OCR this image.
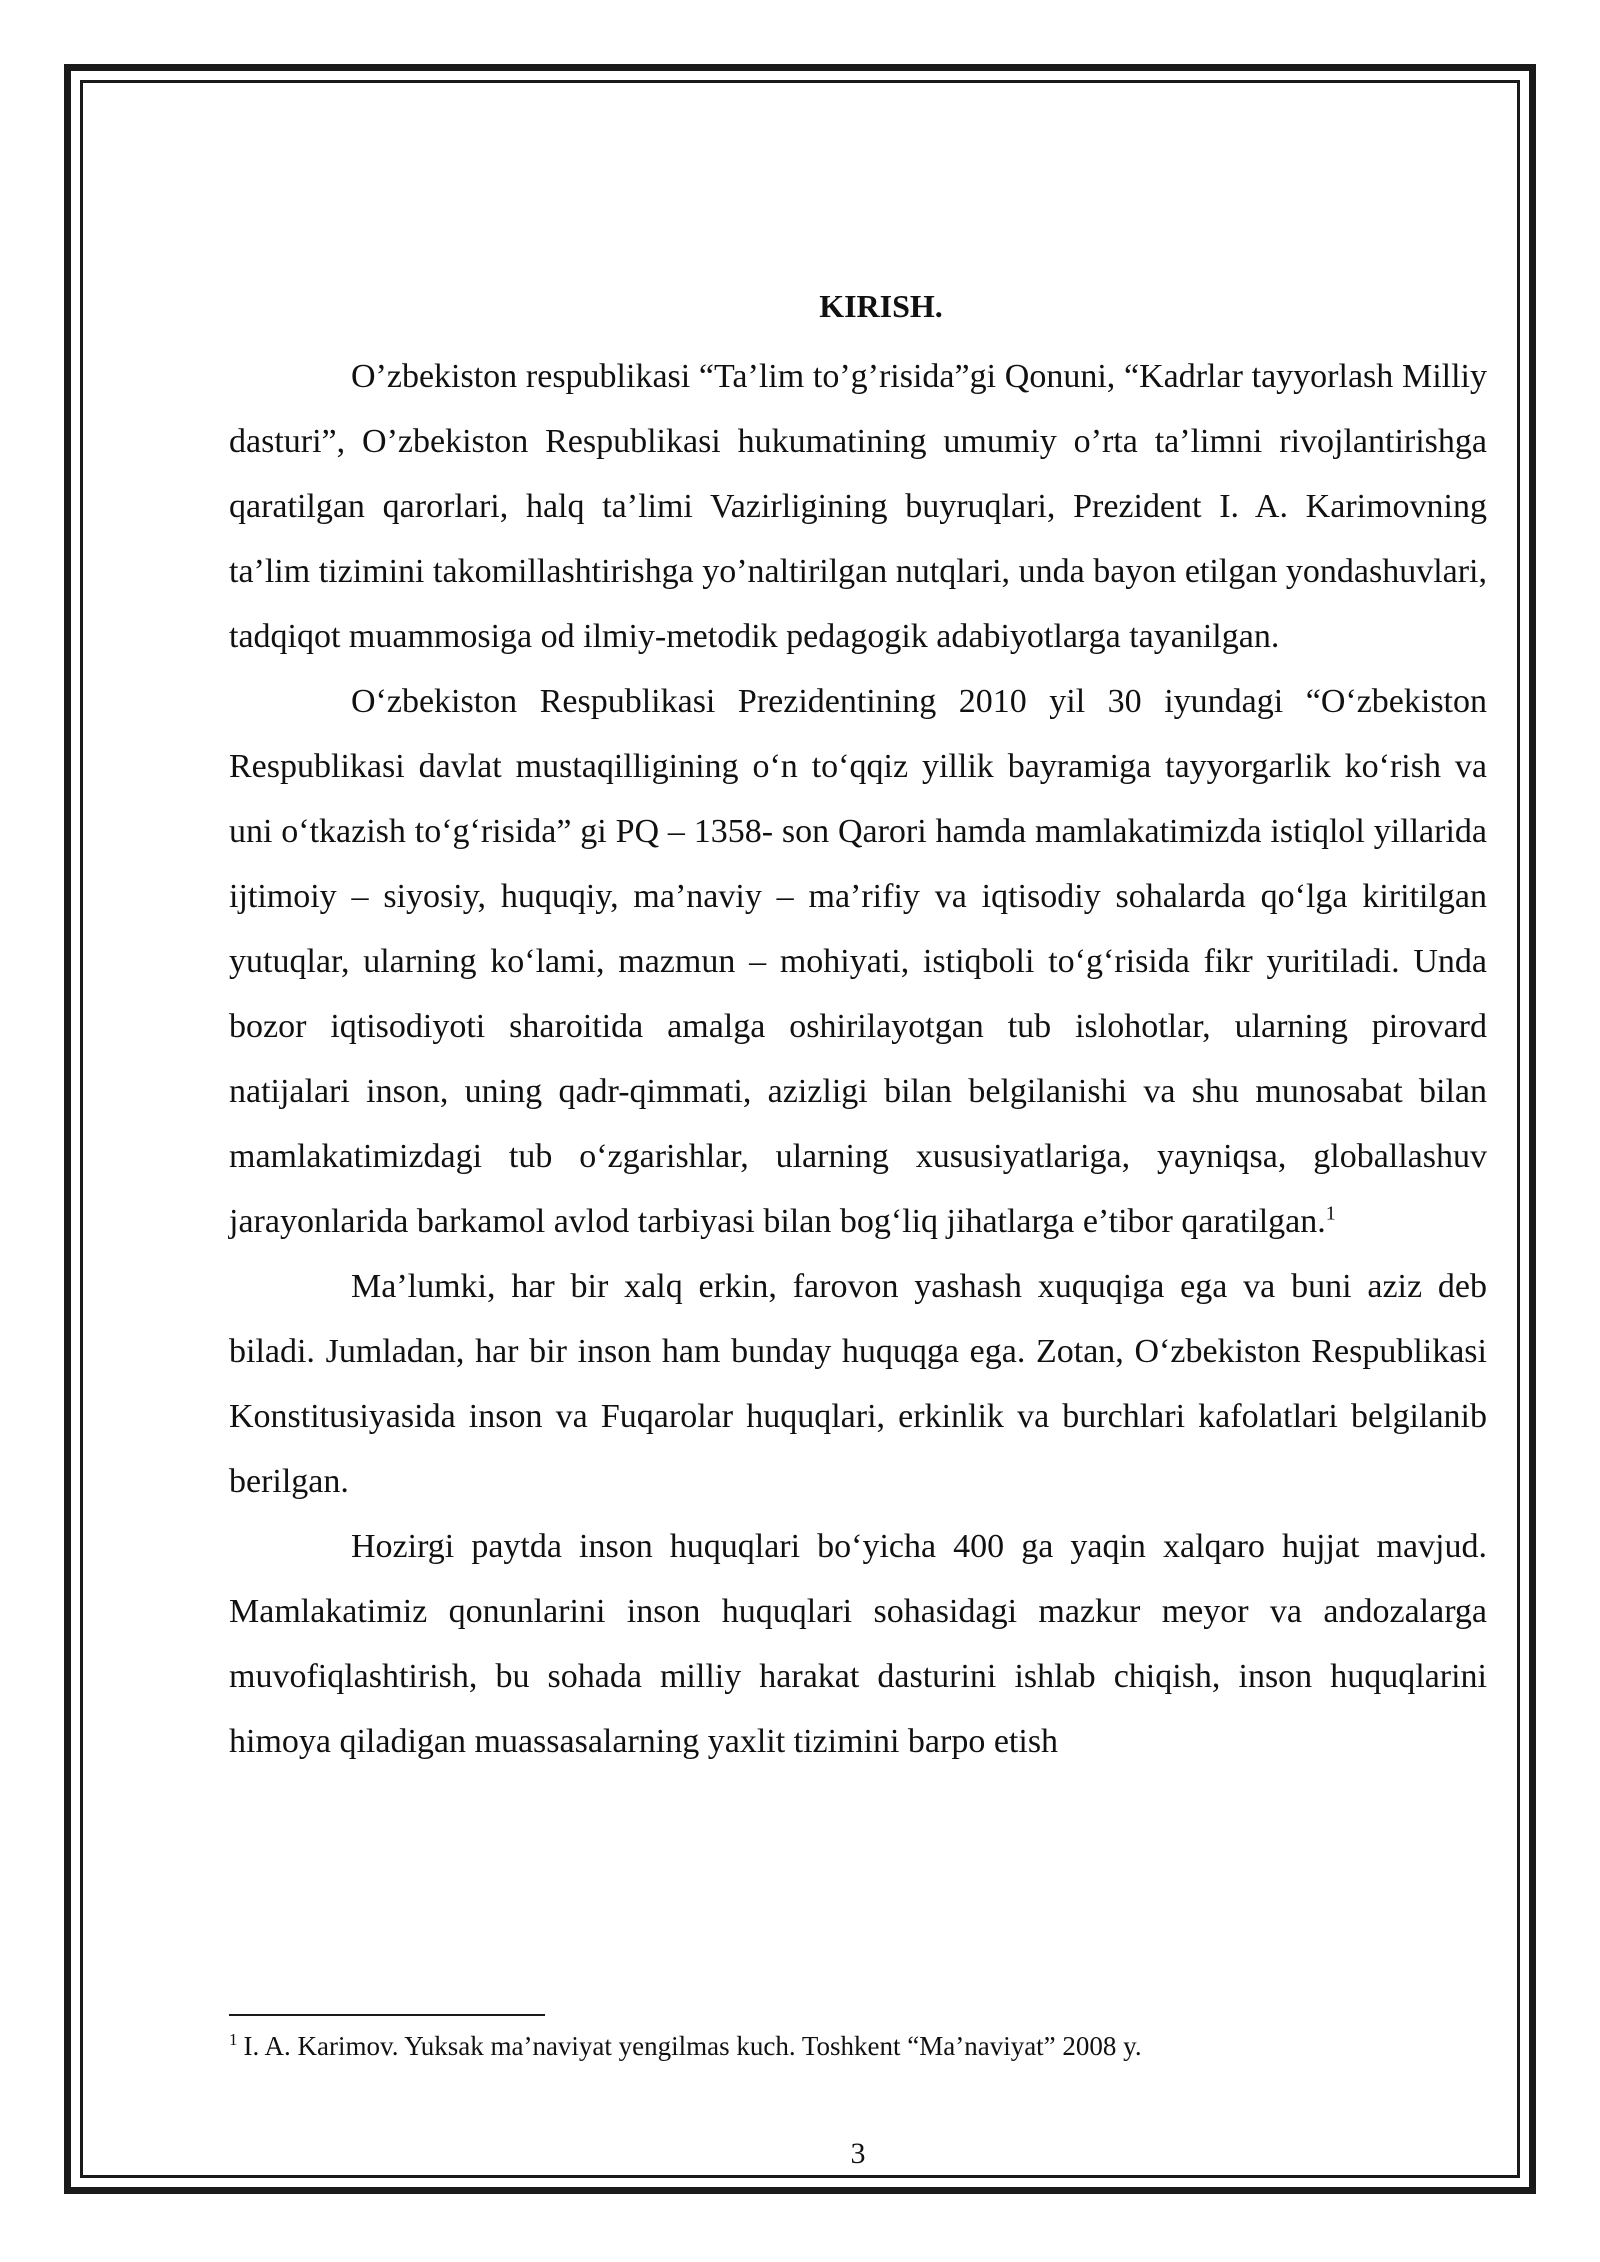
KIRISH.

O’zbekiston respublikasi “Ta’lim to’g’risida”gi Qonuni, “Kadrlar tayyorlash Milliy dasturi”, O’zbekiston Respublikasi hukumatining umumiy o’rta ta’limni rivojlantirishga qaratilgan qarorlari, halq ta’limi Vazirligining buyruqlari, Prezident I. A. Karimovning ta’lim tizimini takomillashtirishga yo’naltirilgan nutqlari, unda bayon etilgan yondashuvlari, tadqiqot muammosiga od ilmiy-metodik pedagogik adabiyotlarga tayanilgan.

O‘zbekiston Respublikasi Prezidentining 2010 yil 30 iyundagi “O‘zbekiston Respublikasi davlat mustaqilligining o‘n to‘qqiz yillik bayramiga tayyorgarlik ko‘rish va uni o‘tkazish to‘g‘risida” gi PQ – 1358- son Qarori hamda mamlakatimizda istiqlol yillarida ijtimoiy – siyosiy, huquqiy, ma’naviy – ma’rifiy va iqtisodiy sohalarda qo‘lga kiritilgan yutuqlar, ularning ko‘lami, mazmun – mohiyati, istiqboli to‘g‘risida fikr yuritiladi. Unda bozor iqtisodiyoti sharoitida amalga oshirilayotgan tub islohotlar, ularning pirovard natijalari inson, uning qadr-qimmati, azizligi bilan belgilanishi va shu munosabat bilan mamlakatimizdagi tub o‘zgarishlar, ularning xususiyatlariga, yayniqsa, globallashuv jarayonlarida barkamol avlod tarbiyasi bilan bog‘liq jihatlarga e’tibor qaratilgan.$^1$

Ma’lumki, har bir xalq erkin, farovon yashash xuquqiga ega va buni aziz deb biladi. Jumladan, har bir inson ham bunday huquqga ega. Zotan, O‘zbekiston Respublikasi Konstitusiyasida inson va Fuqarolar huquqlari, erkinlik va burchlari kafolatlari belgilanib berilgan.

Hozirgi paytda inson huquqlari bo‘yicha 400 ga yaqin xalqaro hujjat mavjud. Mamlakatimiz qonunlarini inson huquqlari sohasidagi mazkur meyor va andozalarga muvofiqlashtirish, bu sohada milliy harakat dasturini ishlab chiqish, inson huquqlarini himoya qiladigan muassasalarning yaxlit tizimini barpo etish

$^1$ I. A. Karimov. Yuksak ma’naviyat yengilmas kuch. Toshkent “Ma’naviyat” 2008 y.

3
